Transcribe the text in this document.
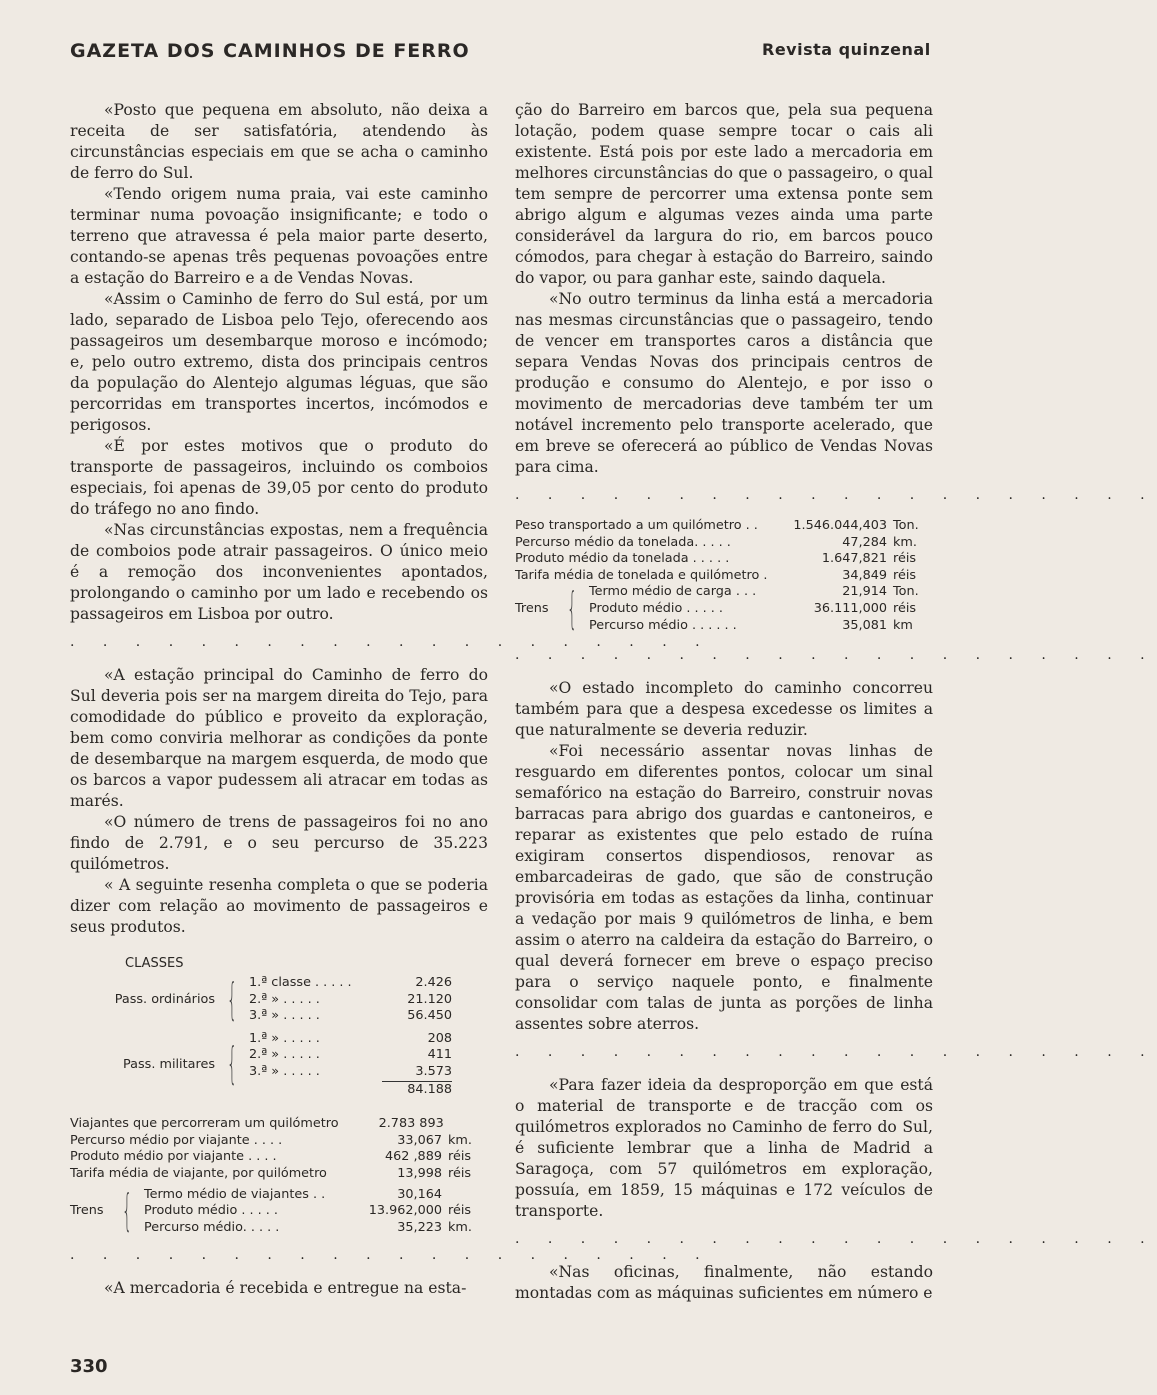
GAZETA DOS CAMINHOS DE FERRO	Revista quinzenal

«Posto que pequena em absoluto, não deixa a receita de ser satisfatória, atendendo às circunstâncias especiais em que se acha o caminho de ferro do Sul.

«Tendo origem numa praia, vai este caminho terminar numa povoação insignificante; e todo o terreno que atravessa é pela maior parte deserto, contando-se apenas três pequenas povoações entre a estação do Barreiro e a de Vendas Novas.

«Assim o Caminho de ferro do Sul está, por um lado, separado de Lisboa pelo Tejo, oferecendo aos passageiros um desembarque moroso e incómodo; e, pelo outro extremo, dista dos principais centros da população do Alentejo algumas léguas, que são percorridas em transportes incertos, incómodos e perigosos.

«É por estes motivos que o produto do transporte de passageiros, incluindo os comboios especiais, foi apenas de 39,05 por cento do produto do tráfego no ano findo.

«Nas circunstâncias expostas, nem a frequência de comboios pode atrair passageiros. O único meio é a remoção dos inconvenientes apontados, prolongando o caminho por um lado e recebendo os passageiros em Lisboa por outro.

. . . . . . . . . . . . . . . . . . . .

«A estação principal do Caminho de ferro do Sul deveria pois ser na margem direita do Tejo, para comodidade do público e proveito da exploração, bem como conviria melhorar as condições da ponte de desembarque na margem esquerda, de modo que os barcos a vapor pudessem ali atracar em todas as marés.

«O número de trens de passageiros foi no ano findo de 2.791, e o seu percurso de 35.223 quilómetros.

« A seguinte resenha completa o que se poderia dizer com relação ao movimento de passageiros e seus produtos.

CLASSES
Pass. ordinários { 1.ª classe . . . . .	2.426
2.ª » . . . . .	21.120
3.ª » . . . . .	56.450
Pass. militares {
1.ª » . . . . .	208
2.ª » . . . . .	411
3.ª » . . . . .	3.573
84.188
Viajantes que percorreram um quilómetro	2.783 893
Percurso médio por viajante . . . .	33,067 km.
Produto médio por viajante . . . .	462 ,889 réis
Tarifa média de viajante, por quilómetro	13,998 réis
Trens { Termo médio de viajantes . .	30,164
Produto médio . . . . .	13.962,000 réis
Percurso médio. . . . .	35,223 km.
. . . . . . . . . . . . . . . . . . . .

«A mercadoria é recebida e entregue na esta-

ção do Barreiro em barcos que, pela sua pequena lotação, podem quase sempre tocar o cais ali existente. Está pois por este lado a mercadoria em melhores circunstâncias do que o passageiro, o qual tem sempre de percorrer uma extensa ponte sem abrigo algum e algumas vezes ainda uma parte considerável da largura do rio, em barcos pouco cómodos, para chegar à estação do Barreiro, saindo do vapor, ou para ganhar este, saindo daquela.

«No outro terminus da linha está a mercadoria nas mesmas circunstâncias que o passageiro, tendo de vencer em transportes caros a distância que separa Vendas Novas dos principais centros de produção e consumo do Alentejo, e por isso o movimento de mercadorias deve também ter um notável incremento pelo transporte acelerado, que em breve se oferecerá ao público de Vendas Novas para cima.

. . . . . . . . . . . . . . . . . . . .
Peso transportado a um quilómetro . .	1.546.044,403 Ton.
Percurso médio da tonelada. . . . .	47,284 km.
Produto médio da tonelada . . . . .	1.647,821 réis
Tarifa média de tonelada e quilómetro .	34,849 réis
Trens { Termo médio de carga . . .	21,914 Ton.
Produto médio . . . . .	36.111,000 réis
Percurso médio . . . . . .	35,081 km
. . . . . . . . . . . . . . . . . . . .

«O estado incompleto do caminho concorreu também para que a despesa excedesse os limites a que naturalmente se deveria reduzir.

«Foi necessário assentar novas linhas de resguardo em diferentes pontos, colocar um sinal semafórico na estação do Barreiro, construir novas barracas para abrigo dos guardas e cantoneiros, e reparar as existentes que pelo estado de ruína exigiram consertos dispendiosos, renovar as embarcadeiras de gado, que são de construção provisória em todas as estações da linha, continuar a vedação por mais 9 quilómetros de linha, e bem assim o aterro na caldeira da estação do Barreiro, o qual deverá fornecer em breve o espaço preciso para o serviço naquele ponto, e finalmente consolidar com talas de junta as porções de linha assentes sobre aterros.

. . . . . . . . . . . . . . . . . . . .

«Para fazer ideia da desproporção em que está o material de transporte e de tracção com os quilómetros explorados no Caminho de ferro do Sul, é suficiente lembrar que a linha de Madrid a Saragoça, com 57 quilómetros em exploração, possuía, em 1859, 15 máquinas e 172 veículos de transporte.

. . . . . . . . . . . . . . . . . . . .

«Nas oficinas, finalmente, não estando montadas com as máquinas suficientes em número e

330
